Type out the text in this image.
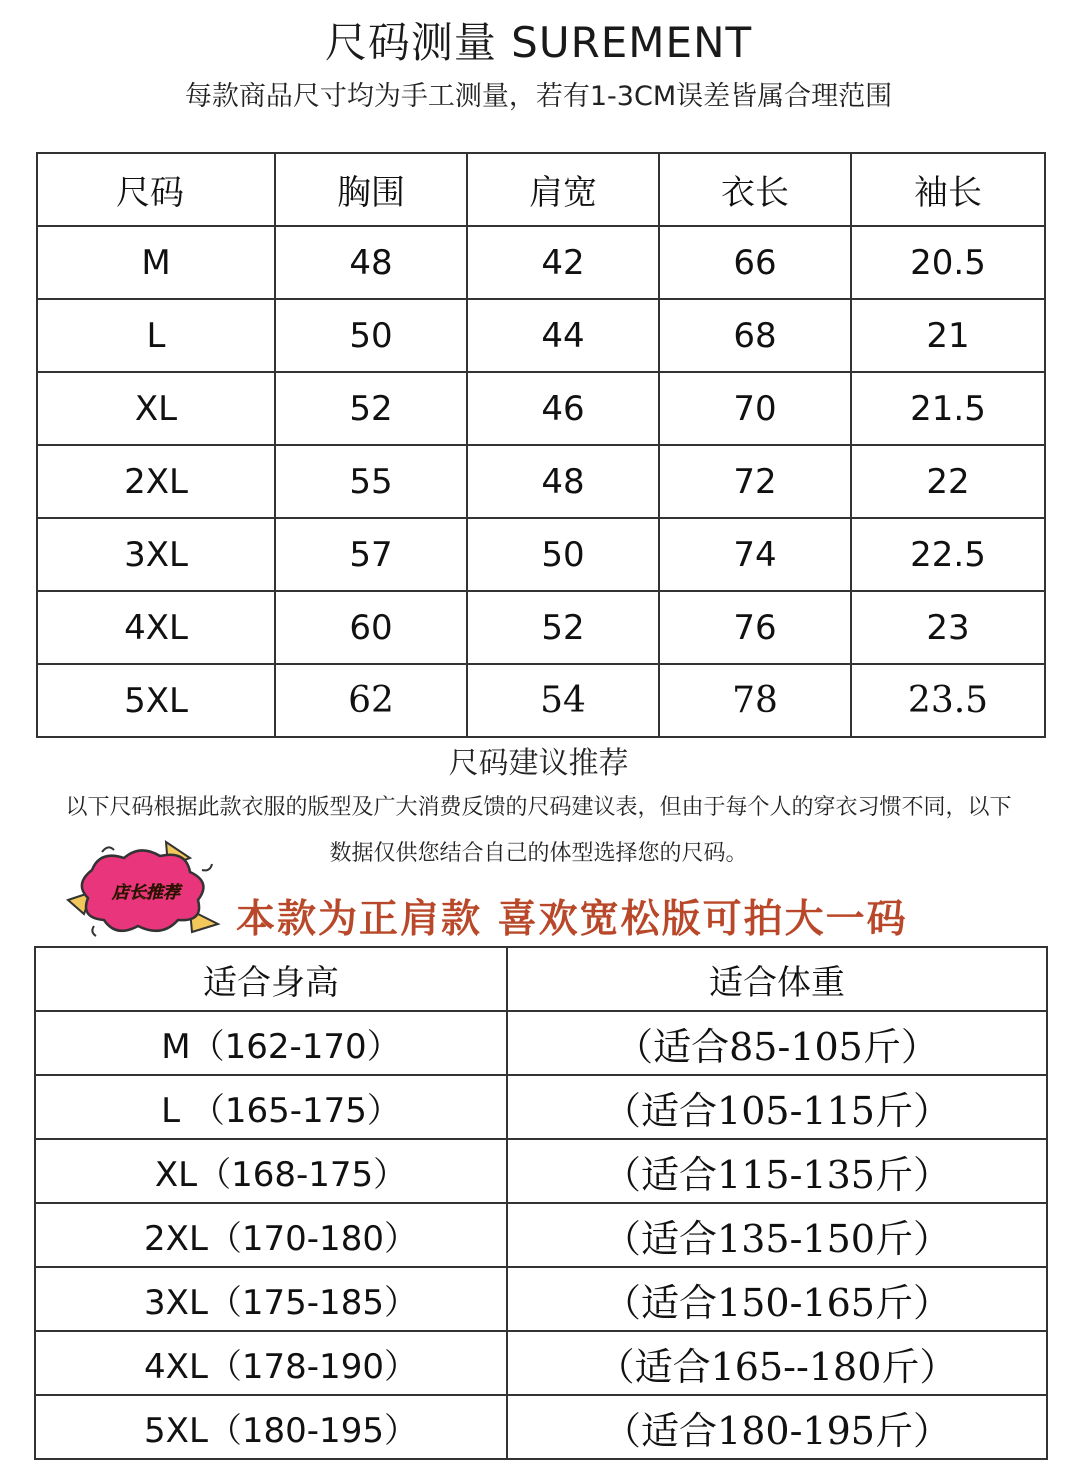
尺码测量 SUREMENT
每款商品尺寸均为手工测量，若有1-3CM误差皆属合理范围
尺码	胸围	肩宽	衣长	袖长
M	48	42	66	20.5
L	50	44	68	21
XL	52	46	70	21.5
2XL	55	48	72	22
3XL	57	50	74	22.5
4XL	60	52	76	23
5XL	62	54	78	23.5
尺码建议推荐
以下尺码根据此款衣服的版型及广大消费反馈的尺码建议表，但由于每个人的穿衣习惯不同，以下
数据仅供您结合自己的体型选择您的尺码。
店长推荐
本款为正肩款 喜欢宽松版可拍大一码
适合身高	适合体重
M（162-170）	（适合85-105斤）
L （165-175）	（适合105-115斤）
XL（168-175）	（适合115-135斤）
2XL（170-180）	（适合135-150斤）
3XL（175-185）	（适合150-165斤）
4XL（178-190）	（适合165--180斤）
5XL（180-195）	（适合180-195斤）
